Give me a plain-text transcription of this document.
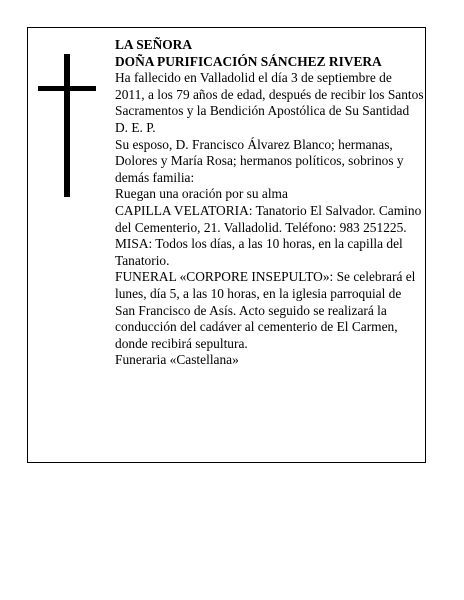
LA SEÑORA

DOÑA PURIFICACIÓN SÁNCHEZ RIVERA

Ha fallecido en Valladolid el día 3 de septiembre de 2011, a los 79 años de edad, después de recibir los Santos Sacramentos y la Bendición Apostólica de Su Santidad

D. E. P.

Su esposo, D. Francisco Álvarez Blanco; hermanas, Dolores y María Rosa; hermanos políticos, sobrinos y demás familia:

Ruegan una oración por su alma

CAPILLA VELATORIA: Tanatorio El Salvador. Camino del Cementerio, 21. Valladolid. Teléfono: 983 251225.

MISA: Todos los días, a las 10 horas, en la capilla del Tanatorio.

FUNERAL «CORPORE INSEPULTO»: Se celebrará el lunes, día 5, a las 10 horas, en la iglesia parroquial de San Francisco de Asís. Acto seguido se realizará la conducción del cadáver al cementerio de El Carmen, donde recibirá sepultura.

Funeraria «Castellana»
